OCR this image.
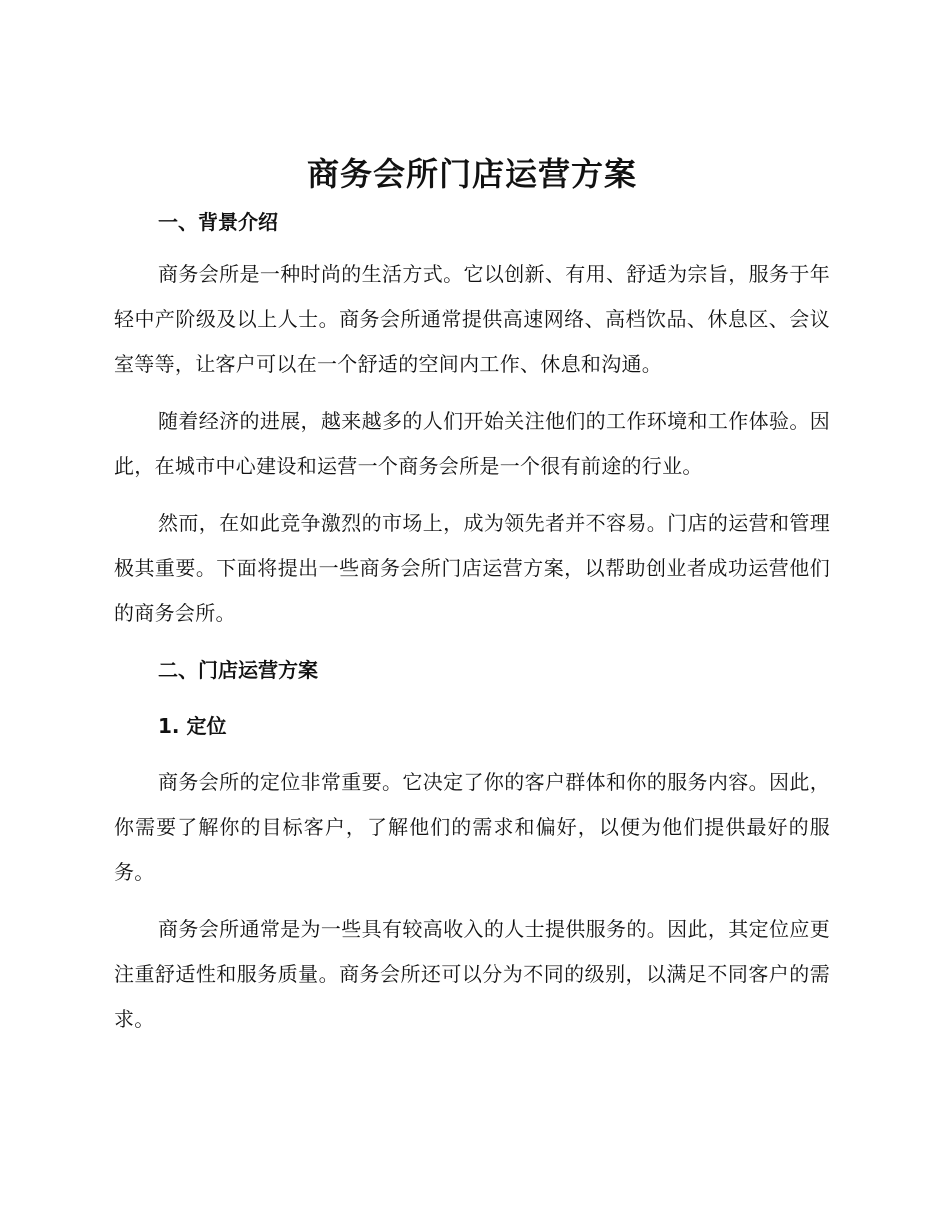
商务会所门店运营方案
一、背景介绍

商务会所是一种时尚的生活方式。它以创新、有用、舒适为宗旨，服务于年轻中产阶级及以上人士。商务会所通常提供高速网络、高档饮品、休息区、会议室等等，让客户可以在一个舒适的空间内工作、休息和沟通。

随着经济的进展，越来越多的人们开始关注他们的工作环境和工作体验。因此，在城市中心建设和运营一个商务会所是一个很有前途的行业。

然而，在如此竞争激烈的市场上，成为领先者并不容易。门店的运营和管理极其重要。下面将提出一些商务会所门店运营方案，以帮助创业者成功运营他们的商务会所。

二、门店运营方案
1. 定位

商务会所的定位非常重要。它决定了你的客户群体和你的服务内容。因此，你需要了解你的目标客户，了解他们的需求和偏好，以便为他们提供最好的服务。

商务会所通常是为一些具有较高收入的人士提供服务的。因此，其定位应更注重舒适性和服务质量。商务会所还可以分为不同的级别，以满足不同客户的需求。
